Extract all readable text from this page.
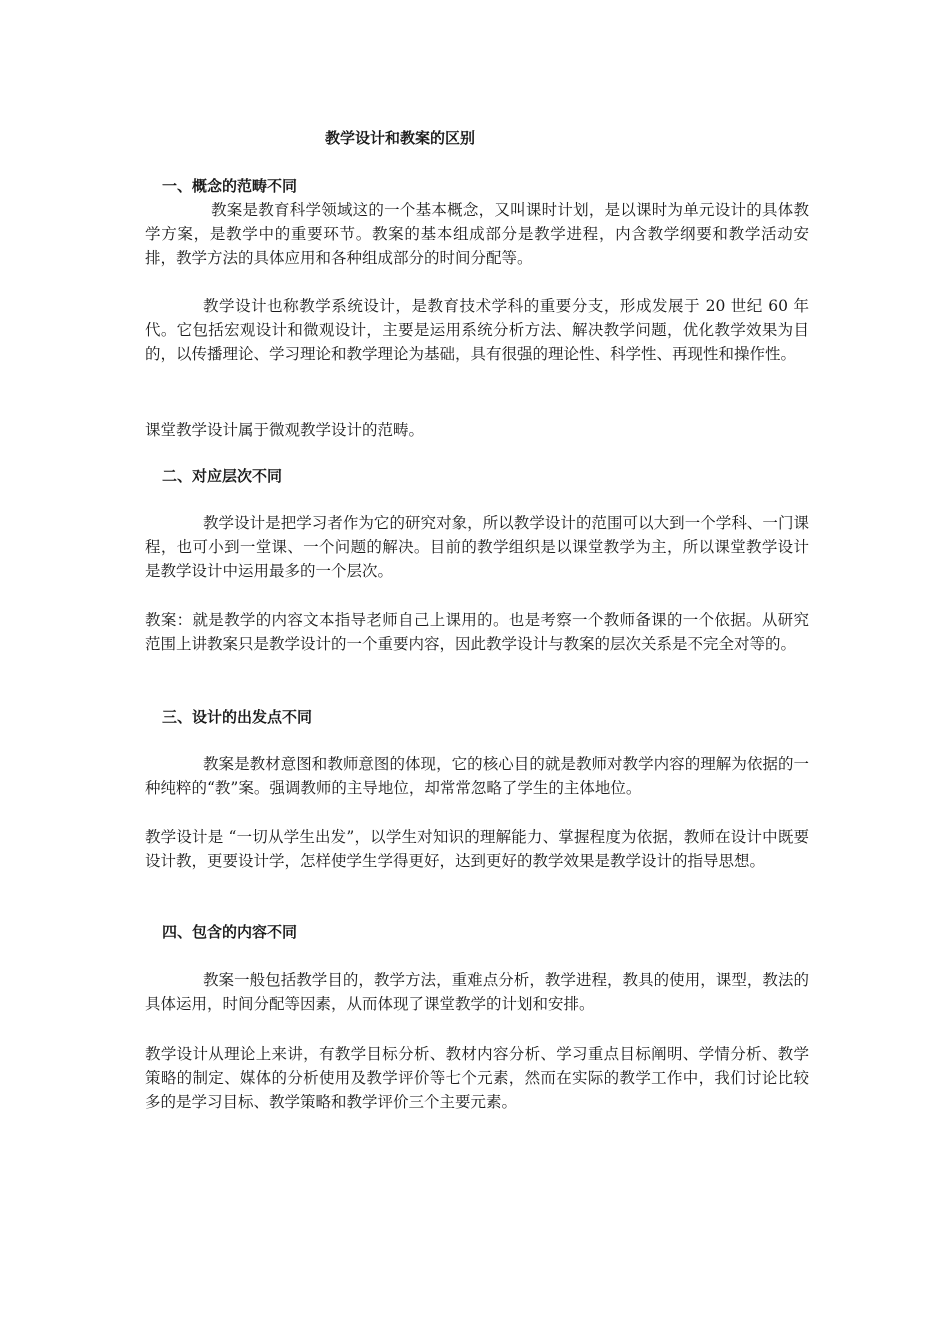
教学设计和教案的区别
一、概念的范畴不同

教案是教育科学领域这的一个基本概念，又叫课时计划，是以课时为单元设计的具体教学方案，是教学中的重要环节。教案的基本组成部分是教学进程，内含教学纲要和教学活动安排，教学方法的具体应用和各种组成部分的时间分配等。

教学设计也称教学系统设计，是教育技术学科的重要分支，形成发展于 20 世纪 60 年代。它包括宏观设计和微观设计，主要是运用系统分析方法、解决教学问题，优化教学效果为目的，以传播理论、学习理论和教学理论为基础，具有很强的理论性、科学性、再现性和操作性。

课堂教学设计属于微观教学设计的范畴。

二、对应层次不同

教学设计是把学习者作为它的研究对象，所以教学设计的范围可以大到一个学科、一门课程，也可小到一堂课、一个问题的解决。目前的教学组织是以课堂教学为主，所以课堂教学设计是教学设计中运用最多的一个层次。

教案：就是教学的内容文本指导老师自己上课用的。也是考察一个教师备课的一个依据。从研究范围上讲教案只是教学设计的一个重要内容，因此教学设计与教案的层次关系是不完全对等的。

三、设计的出发点不同

教案是教材意图和教师意图的体现，它的核心目的就是教师对教学内容的理解为依据的一种纯粹的“教”案。强调教师的主导地位，却常常忽略了学生的主体地位。

教学设计是 “一切从学生出发”，以学生对知识的理解能力、掌握程度为依据，教师在设计中既要设计教，更要设计学，怎样使学生学得更好，达到更好的教学效果是教学设计的指导思想。

四、包含的内容不同

教案一般包括教学目的，教学方法，重难点分析，教学进程，教具的使用，课型，教法的具体运用，时间分配等因素，从而体现了课堂教学的计划和安排。

教学设计从理论上来讲，有教学目标分析、教材内容分析、学习重点目标阐明、学情分析、教学策略的制定、媒体的分析使用及教学评价等七个元素，然而在实际的教学工作中，我们讨论比较多的是学习目标、教学策略和教学评价三个主要元素。
